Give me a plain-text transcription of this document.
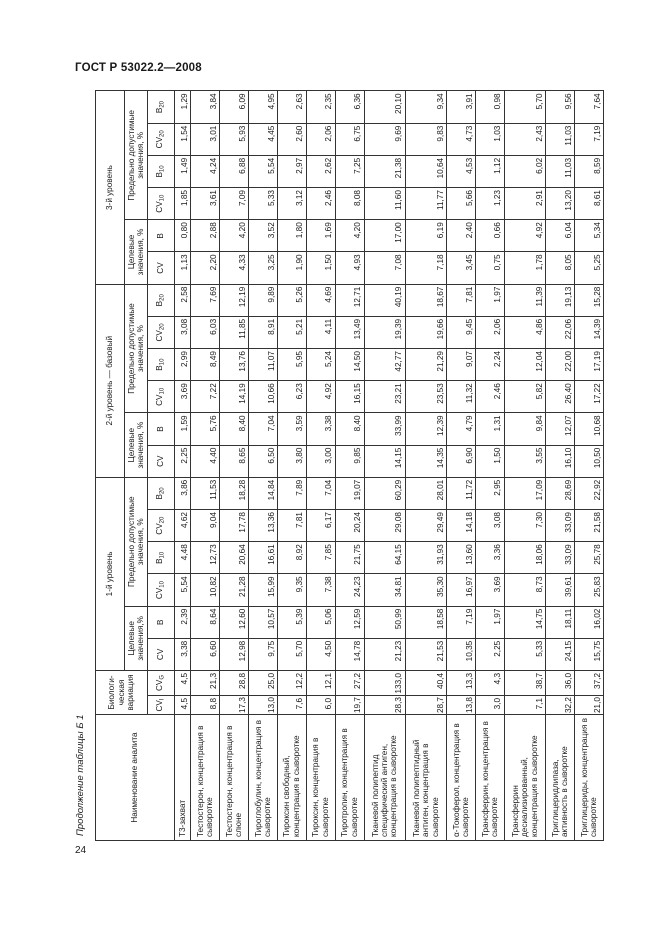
ГОСТ Р 53022.2—2008
Продолжение таблицы Б 1
24
Наименование аналита	Биологи-ческая вариация		1-й уровень						2-й уровень — базовый						3-й уровень					
			Целевые значения,%		Предельно допустимые значения, %				Целевые значения, %		Предельно допустимые значения, %				Целевые значения, %		Предельно допустимые значения, %			
	$CV_I$	$CV_G$	CV	B	$CV_{10}$	$B_{10}$	$CV_{20}$	$B_{20}$	CV	B	$CV_{10}$	$B_{10}$	$CV_{20}$	$B_{20}$	CV	B	$CV_{10}$	$B_{10}$	$CV_{20}$	$B_{20}$
Т3-захват	4,5	4,5	3,38	2,39	5,54	4,48	4,62	3,86	2,25	1,59	3,69	2,99	3,08	2,58	1,13	0,80	1,85	1,49	1,54	1,29
Тестостерон, концентрация в сыворотке	8,8	21,3	6,60	8,64	10,82	12,73	9,04	11,53	4,40	5,76	7,22	8,49	6,03	7,69	2,20	2,88	3,61	4,24	3,01	3,84
Тестостерон, концентрация в слюне	17,3	28,8	12,98	12,60	21,28	20,64	17,78	18,28	8,65	8,40	14,19	13,76	11,85	12,19	4,33	4,20	7,09	6,88	5,93	6,09
Тироглобулин, концентрация в сыворотке	13,0	25,0	9,75	10,57	15,99	16,61	13,36	14,84	6,50	7,04	10,66	11,07	8,91	9,89	3,25	3,52	5,33	5,54	4,45	4,95
Тироксин свободный, концентрация в сыворотке	7,6	12,2	5,70	5,39	9,35	8,92	7,81	7,89	3,80	3,59	6,23	5,95	5,21	5,26	1,90	1,80	3,12	2,97	2,60	2,63
Тироксин, концентрация в сыворотке	6,0	12,1	4,50	5,06	7,38	7,85	6,17	7,04	3,00	3,38	4,92	5,24	4,11	4,69	1,50	1,69	2,46	2,62	2,06	2,35
Тиротропин, концентрация в сыворотке	19,7	27,2	14,78	12,59	24,23	21,75	20,24	19,07	9,85	8,40	16,15	14,50	13,49	12,71	4,93	4,20	8,08	7,25	6,75	6,36
Тканевой полипептид специфический антиген, концентрация в сыворотке	28,3	133,0	21,23	50,99	34,81	64,15	29,08	60,29	14,15	33,99	23,21	42,77	19,39	40,19	7,08	17,00	11,60	21,38	9,69	20,10
Тканевой полипептидный антиген, концентрация в сыворотке	28,7	40,4	21,53	18,58	35,30	31,93	29,49	28,01	14,35	12,39	23,53	21,29	19,66	18,67	7,18	6,19	11,77	10,64	9,83	9,34
α-Токоферол, концентрация в сыворотке	13,8	13,3	10,35	7,19	16,97	13,60	14,18	11,72	6,90	4,79	11,32	9,07	9,45	7,81	3,45	2,40	5,66	4,53	4,73	3,91
Трансферрин, концентрация в сыворотке	3,0	4,3	2,25	1,97	3,69	3,36	3,08	2,95	1,50	1,31	2,46	2,24	2,06	1,97	0,75	0,66	1,23	1,12	1,03	0,98
Трансферрин десиализированный, концентрация в сыворотке	7,1	38,7	5,33	14,75	8,73	18,06	7,30	17,09	3,55	9,84	5,82	12,04	4,86	11,39	1,78	4,92	2,91	6,02	2,43	5,70
Триглицеридлипаза, активность в сыворотке	32,2	36,0	24,15	18,11	39,61	33,09	33,09	28,69	16,10	12,07	26,40	22,00	22,06	19,13	8,05	6,04	13,20	11,03	11,03	9,56
Триглицериды, концентрация в сыворотке	21,0	37,2	15,75	16,02	25,83	25,78	21,58	22,92	10,50	10,68	17,22	17,19	14,39	15,28	5,25	5,34	8,61	8,59	7,19	7,64
